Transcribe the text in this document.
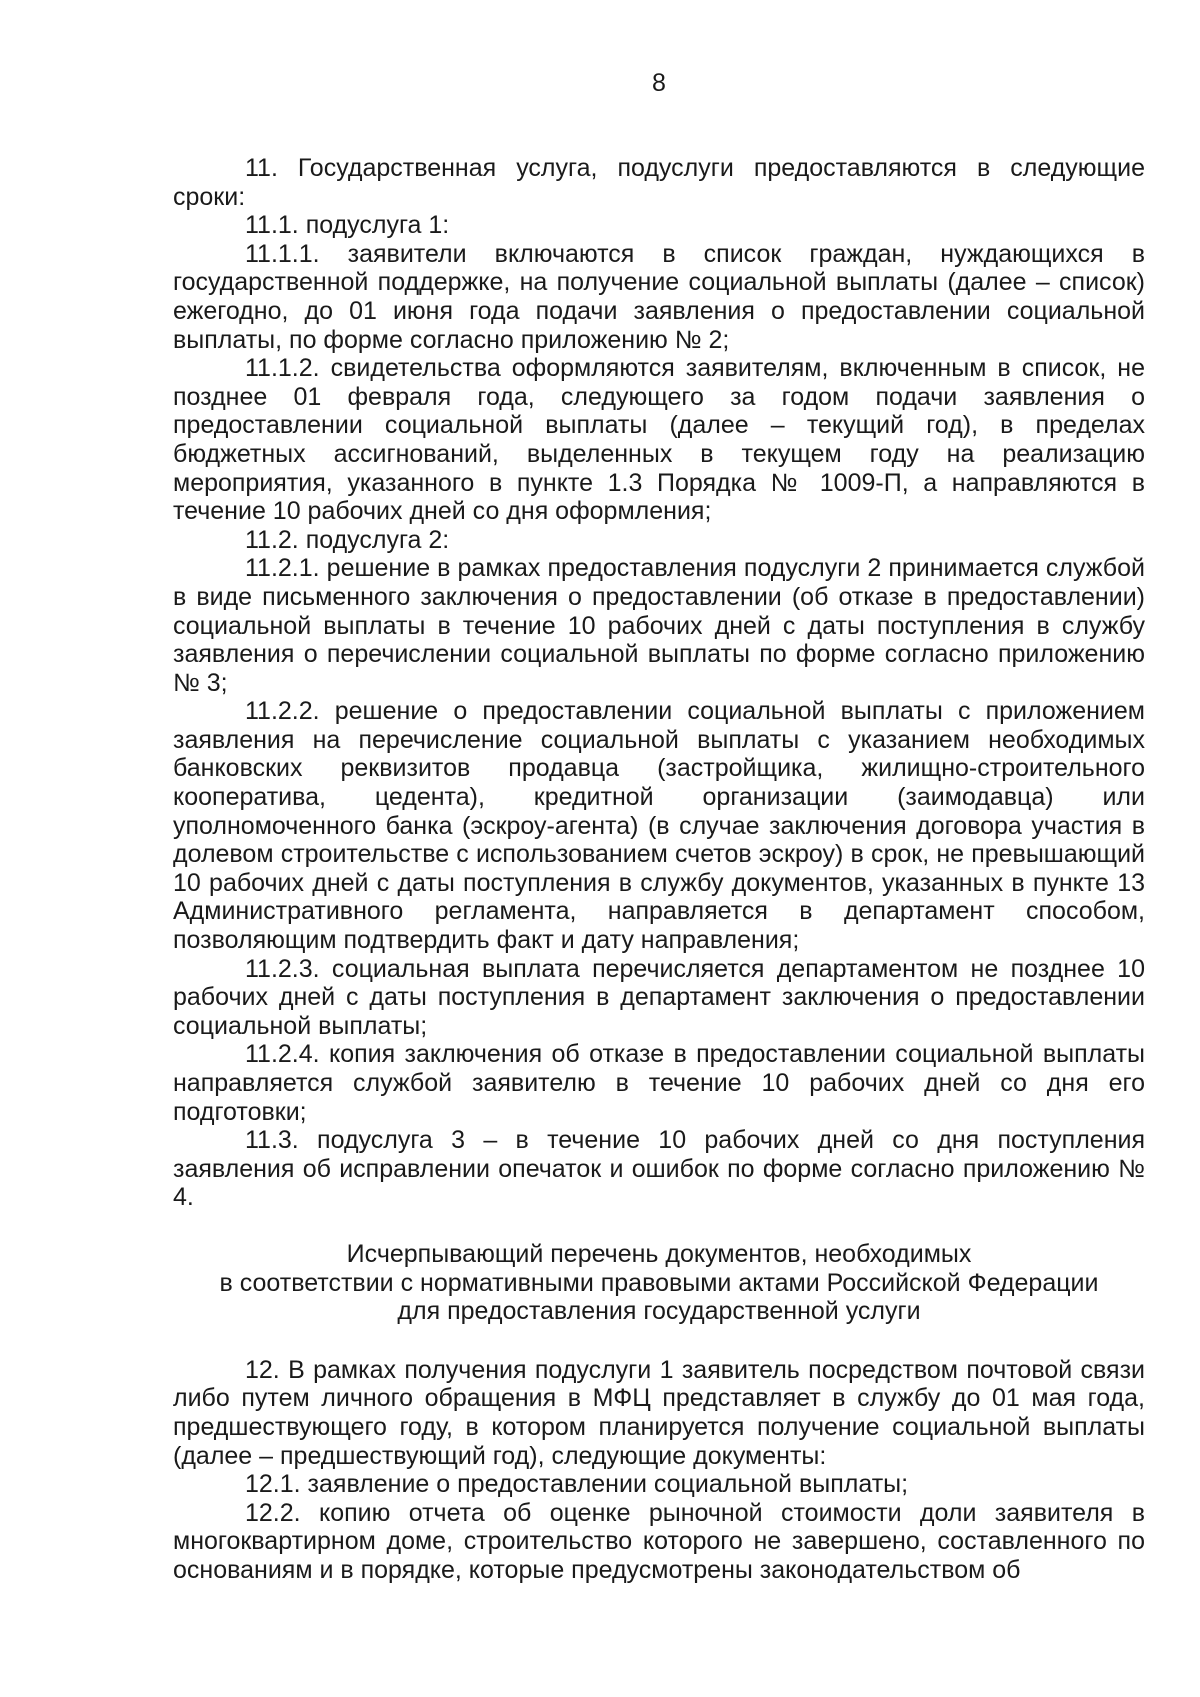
8

11. Государственная услуга, подуслуги предоставляются в следующие сроки:

11.1. подуслуга 1:

11.1.1. заявители включаются в список граждан, нуждающихся в государственной поддержке, на получение социальной выплаты (далее – список) ежегодно, до 01 июня года подачи заявления о предоставлении социальной выплаты, по форме согласно приложению № 2;

11.1.2. свидетельства оформляются заявителям, включенным в список, не позднее 01 февраля года, следующего за годом подачи заявления о предоставлении социальной выплаты (далее – текущий год), в пределах бюджетных ассигнований, выделенных в текущем году на реализацию мероприятия, указанного в пункте 1.3 Порядка № 1009-П, а направляются в течение 10 рабочих дней со дня оформления;

11.2. подуслуга 2:

11.2.1. решение в рамках предоставления подуслуги 2 принимается службой в виде письменного заключения о предоставлении (об отказе в предоставлении) социальной выплаты в течение 10 рабочих дней с даты поступления в службу заявления о перечислении социальной выплаты по форме согласно приложению № 3;

11.2.2. решение о предоставлении социальной выплаты с приложением заявления на перечисление социальной выплаты с указанием необходимых банковских реквизитов продавца (застройщика, жилищно-строительного кооператива, цедента), кредитной организации (заимодавца) или уполномоченного банка (эскроу-агента) (в случае заключения договора участия в долевом строительстве с использованием счетов эскроу) в срок, не превышающий 10 рабочих дней с даты поступления в службу документов, указанных в пункте 13 Административного регламента, направляется в департамент способом, позволяющим подтвердить факт и дату направления;

11.2.3. социальная выплата перечисляется департаментом не позднее 10 рабочих дней с даты поступления в департамент заключения о предоставлении социальной выплаты;

11.2.4. копия заключения об отказе в предоставлении социальной выплаты направляется службой заявителю в течение 10 рабочих дней со дня его подготовки;

11.3. подуслуга 3 – в течение 10 рабочих дней со дня поступления заявления об исправлении опечаток и ошибок по форме согласно приложению № 4.

Исчерпывающий перечень документов, необходимых
в соответствии с нормативными правовыми актами Российской Федерации
для предоставления государственной услуги

12. В рамках получения подуслуги 1 заявитель посредством почтовой связи либо путем личного обращения в МФЦ представляет в службу до 01 мая года, предшествующего году, в котором планируется получение социальной выплаты (далее – предшествующий год), следующие документы:

12.1. заявление о предоставлении социальной выплаты;

12.2. копию отчета об оценке рыночной стоимости доли заявителя в многоквартирном доме, строительство которого не завершено, составленного по основаниям и в порядке, которые предусмотрены законодательством об
